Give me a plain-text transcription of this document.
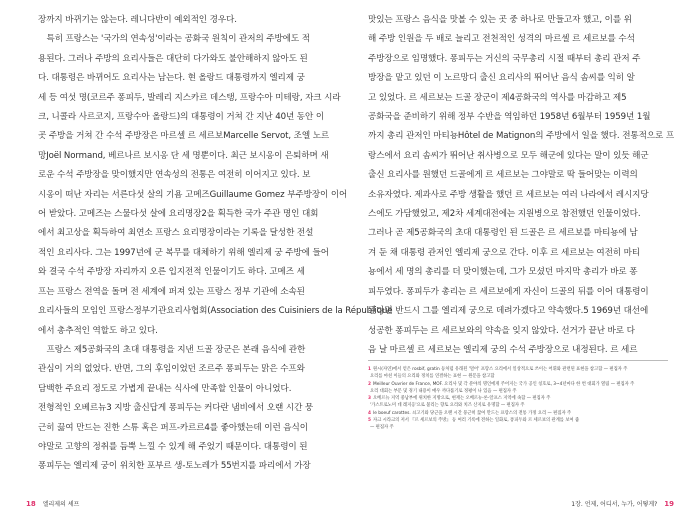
장까지 바뀌기는 않는다. 레니다반이 예외적인 경우다.
　특히 프랑스는 '국가의 연속성'이라는 공화국 원칙이 관저의 주방에도 적
용된다. 그러나 주방의 요리사들은 대단히 다가와도 불안해하지 않아도 된
다. 대통령은 바뀌어도 요리사는 남는다. 현 올랑드 대통령까지 엘리제 궁
세 등 여섯 명(코르주 퐁피두, 발레리 지스카르 데스탱, 프랑수아 미테랑, 자크 시라
크, 니콜라 사르코지, 프랑수아 올랑드)의 대통령이 거쳐 간 지난 40년 동안 이
곳 주방을 거쳐 간 수석 주방장은 마르셀 르 세르보Marcelle Servot, 조엘 노르
망Joël Normand, 베르나르 보시옹 단 세 명뿐이다. 최근 보시옹이 은퇴하며 새
로운 수석 주방장을 맞이했지만 연속성의 전통은 여전히 이어지고 있다. 보
시옹이 떠난 자리는 서른다섯 살의 기욤 고메즈Guillaume Gomez 부주방장이 이어
어 받았다. 고메즈는 스물다섯 살에 요리명장2을 획득한 국가 주관 명인 대회
에서 최고상을 획득하여 최연소 프랑스 요리명장이라는 기록을 달성한 전설
적인 요리사다. 그는 1997년에 군 복무를 대체하기 위해 엘리제 궁 주방에 들어
와 결국 수석 주방장 자리까지 오른 입지전적 인물이기도 하다. 고메즈 세
프는 프랑스 전역을 돌며 전 세계에 퍼져 있는 프랑스 정부 기관에 소속된
요리사들의 모임인 프랑스정부기관요리사협회(Association des Cuisiniers de la République
에서 총추적인 역할도 하고 있다.
　프랑스 제5공화국의 초대 대통령을 지낸 드골 장군은 본래 음식에 관한
관심이 거의 없었다. 반면, 그의 후임이었던 조르주 퐁피두는 맑은 수프와
담백한 주요리 정도로 가볍게 끝내는 식사에 만족할 인물이 아니었다.
전형적인 오베르뉴3 지방 출신답게 퐁피두는 커다란 냄비에서 오랜 시간 뭉
근히 끓여 만드는 진한 스튜 혹은 퍼프-카르르4를 좋아했는데 이런 음식이
야말로 고향의 정취를 듬뿍 느낄 수 있게 해 주었기 때문이다. 대통령이 된
퐁피두는 엘리제 궁이 위치한 포부르 생-토노레가 55번지를 파리에서 가장
맛있는 프랑스 음식을 맛볼 수 있는 곳 중 하나로 만들고자 했고, 이를 위
해 주방 인원을 두 배로 늘리고 전천적인 성격의 마르셀 르 세르보를 수석
주방장으로 임명했다. 퐁피두는 거신의 국무총리 시절 때부터 총리 관저 주
방장을 맡고 있던 이 노르망디 출신 요리사의 뛰어난 음식 솜씨를 익히 알
고 있었다. 르 세르보는 드골 장군이 제4공화국의 역사를 마감하고 제5
공화국을 준비하기 위해 정부 수반을 역임하던 1958년 6월부터 1959년 1월
까지 총리 관저인 마티뇽Hôtel de Matignon의 주방에서 일을 했다. 전통적으로 프
랑스에서 요리 솜씨가 뛰어난 취사병으로 모두 해군에 있다는 말이 있듯 해군
출신 요리사를 원했던 드골에게 르 세르보는 그야말로 딱 들어맞는 이력의
소유자였다. 제과사로 주방 생활을 했던 르 세르보는 여러 나라에서 레시지당
스에도 가담했었고, 제2차 세계대전에는 지원병으로 참전했던 인물이었다.
그러나 곧 제5공화국의 초대 대통령인 된 드골은 르 세르보를 마티뇽에 남
겨 둔 채 대통령 관저인 엘리제 궁으로 간다. 이후 르 세르보는 여전히 마티
뇽에서 세 명의 총리를 더 맞이했는데, 그가 모셨던 마지막 총리가 바로 퐁
피두였다. 퐁피두가 총리는 르 세르보에게 자신이 드골의 뒤를 이어 대통령이
된다면 반드시 그를 엘리제 궁으로 데려가겠다고 약속했다.5 1969년 대선에
성공한 퐁피두는 르 세르보와의 약속을 잊지 않았다. 선거가 끝난 바로 다
음 날 마르셀 르 세르보는 엘리제 궁의 수석 주방장으로 내정된다. 르 세르
1 원시(자연)에서 얻은 rosbif, gratin 등처럼 유래된 '멀어' 프랑스 요리에서 일상적으로 쓰이는 어휘와 관련된 표현을 참고함 — 편집자 주
요리를 마친 이들의 요리와 정치를 연결하는 표현 — 원문을 참고함
2 Meilleur Ouvrier de France, MOF. 요리사 및 각 분야의 명인에게 주어지는 국가 공인 칭호로, 3~4년마다 한 번 대회가 열림 — 편집자 주
요리 대회는 부문 및 경기 내용이 매우 까다롭기로 정평이 나 있음 — 편집자 주
3 오베르뉴 지역 중남부에 위치한 지방으로, 현재는 오베르뉴-론-알프스 지역에 속함 — 편집자 주
'가스트로노미 데 레지옹'으로 불리는 향토 요리와 치즈 산지로 유명함 — 편집자 주
4 le boeuf carottes. 쇠고기와 당근을 오랜 시간 뭉근히 끓여 만드는 프랑스의 전통 가정 요리 — 편집자 주
5 자크 시라크의 저서 『르 세르보의 주방』 등 여러 기록에 전하는 일화로, 퐁피두와 르 세르보의 관계를 보여 줌
— 편집자 주
18 엘리제의 셰프	1장. 언제, 어디서, 누가, 어떻게? 19
